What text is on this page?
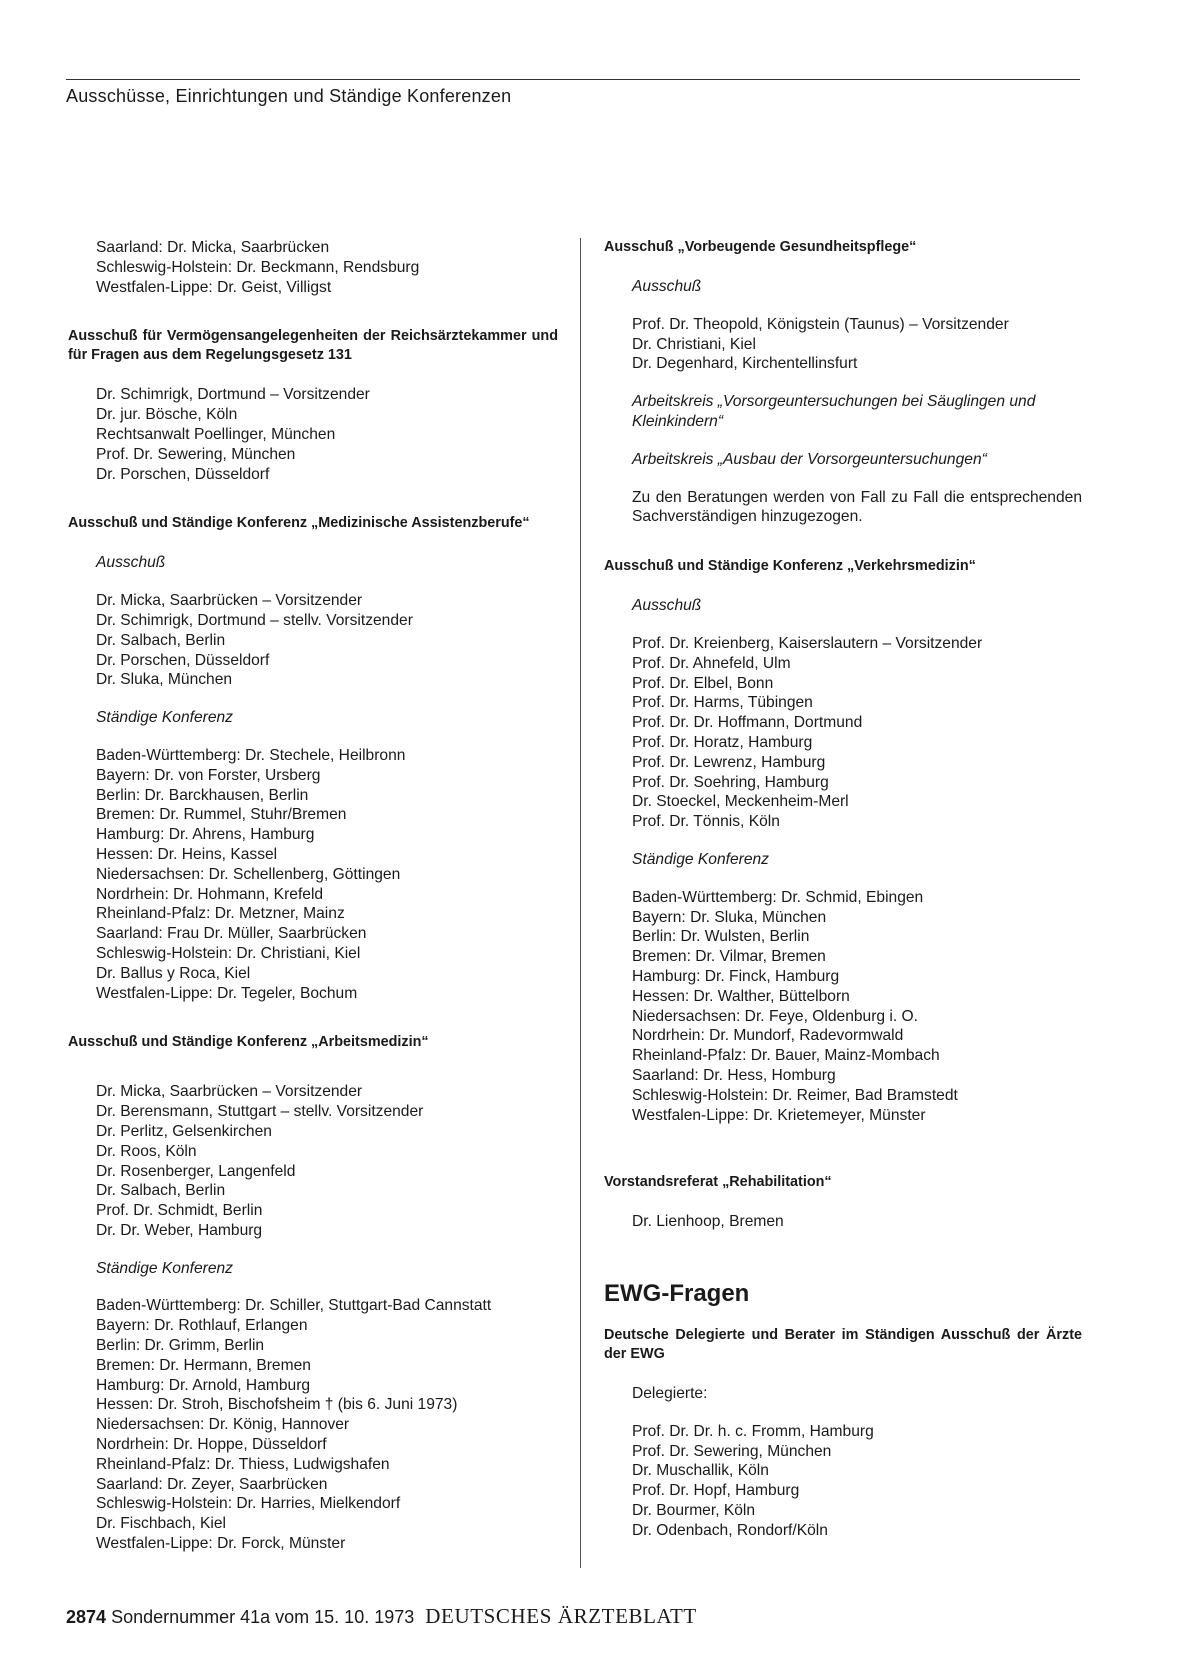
Ausschüsse, Einrichtungen und Ständige Konferenzen
Saarland: Dr. Micka, Saarbrücken
Schleswig-Holstein: Dr. Beckmann, Rendsburg
Westfalen-Lippe: Dr. Geist, Villigst

Ausschuß für Vermögensangelegenheiten der Reichsärztekammer und für Fragen aus dem Regelungsgesetz 131

Dr. Schimrigk, Dortmund – Vorsitzender
Dr. jur. Bösche, Köln
Rechtsanwalt Poellinger, München
Prof. Dr. Sewering, München
Dr. Porschen, Düsseldorf

Ausschuß und Ständige Konferenz „Medizinische Assistenzberufe“

Ausschuß

Dr. Micka, Saarbrücken – Vorsitzender
Dr. Schimrigk, Dortmund – stellv. Vorsitzender
Dr. Salbach, Berlin
Dr. Porschen, Düsseldorf
Dr. Sluka, München

Ständige Konferenz

Baden-Württemberg: Dr. Stechele, Heilbronn
Bayern: Dr. von Forster, Ursberg
Berlin: Dr. Barckhausen, Berlin
Bremen: Dr. Rummel, Stuhr/Bremen
Hamburg: Dr. Ahrens, Hamburg
Hessen: Dr. Heins, Kassel
Niedersachsen: Dr. Schellenberg, Göttingen
Nordrhein: Dr. Hohmann, Krefeld
Rheinland-Pfalz: Dr. Metzner, Mainz
Saarland: Frau Dr. Müller, Saarbrücken
Schleswig-Holstein: Dr. Christiani, Kiel
Dr. Ballus y Roca, Kiel
Westfalen-Lippe: Dr. Tegeler, Bochum

Ausschuß und Ständige Konferenz „Arbeitsmedizin“

Dr. Micka, Saarbrücken – Vorsitzender
Dr. Berensmann, Stuttgart – stellv. Vorsitzender
Dr. Perlitz, Gelsenkirchen
Dr. Roos, Köln
Dr. Rosenberger, Langenfeld
Dr. Salbach, Berlin
Prof. Dr. Schmidt, Berlin
Dr. Dr. Weber, Hamburg

Ständige Konferenz

Baden-Württemberg: Dr. Schiller, Stuttgart-Bad Cannstatt
Bayern: Dr. Rothlauf, Erlangen
Berlin: Dr. Grimm, Berlin
Bremen: Dr. Hermann, Bremen
Hamburg: Dr. Arnold, Hamburg
Hessen: Dr. Stroh, Bischofsheim † (bis 6. Juni 1973)
Niedersachsen: Dr. König, Hannover
Nordrhein: Dr. Hoppe, Düsseldorf
Rheinland-Pfalz: Dr. Thiess, Ludwigshafen
Saarland: Dr. Zeyer, Saarbrücken
Schleswig-Holstein: Dr. Harries, Mielkendorf
Dr. Fischbach, Kiel
Westfalen-Lippe: Dr. Forck, Münster

Ausschuß „Vorbeugende Gesundheitspflege“

Ausschuß

Prof. Dr. Theopold, Königstein (Taunus) – Vorsitzender
Dr. Christiani, Kiel
Dr. Degenhard, Kirchentellinsfurt

Arbeitskreis „Vorsorgeuntersuchungen bei Säuglingen und Kleinkindern“

Arbeitskreis „Ausbau der Vorsorgeuntersuchungen“

Zu den Beratungen werden von Fall zu Fall die entsprechenden Sachverständigen hinzugezogen.

Ausschuß und Ständige Konferenz „Verkehrsmedizin“

Ausschuß

Prof. Dr. Kreienberg, Kaiserslautern – Vorsitzender
Prof. Dr. Ahnefeld, Ulm
Prof. Dr. Elbel, Bonn
Prof. Dr. Harms, Tübingen
Prof. Dr. Dr. Hoffmann, Dortmund
Prof. Dr. Horatz, Hamburg
Prof. Dr. Lewrenz, Hamburg
Prof. Dr. Soehring, Hamburg
Dr. Stoeckel, Meckenheim-Merl
Prof. Dr. Tönnis, Köln

Ständige Konferenz

Baden-Württemberg: Dr. Schmid, Ebingen
Bayern: Dr. Sluka, München
Berlin: Dr. Wulsten, Berlin
Bremen: Dr. Vilmar, Bremen
Hamburg: Dr. Finck, Hamburg
Hessen: Dr. Walther, Büttelborn
Niedersachsen: Dr. Feye, Oldenburg i. O.
Nordrhein: Dr. Mundorf, Radevormwald
Rheinland-Pfalz: Dr. Bauer, Mainz-Mombach
Saarland: Dr. Hess, Homburg
Schleswig-Holstein: Dr. Reimer, Bad Bramstedt
Westfalen-Lippe: Dr. Krietemeyer, Münster

Vorstandsreferat „Rehabilitation“

Dr. Lienhoop, Bremen

EWG-Fragen

Deutsche Delegierte und Berater im Ständigen Ausschuß der Ärzte der EWG

Delegierte:

Prof. Dr. Dr. h. c. Fromm, Hamburg
Prof. Dr. Sewering, München
Dr. Muschallik, Köln
Prof. Dr. Hopf, Hamburg
Dr. Bourmer, Köln
Dr. Odenbach, Rondorf/Köln
2874 Sondernummer 41a vom 15. 10. 1973 DEUTSCHES ÄRZTEBLATT
